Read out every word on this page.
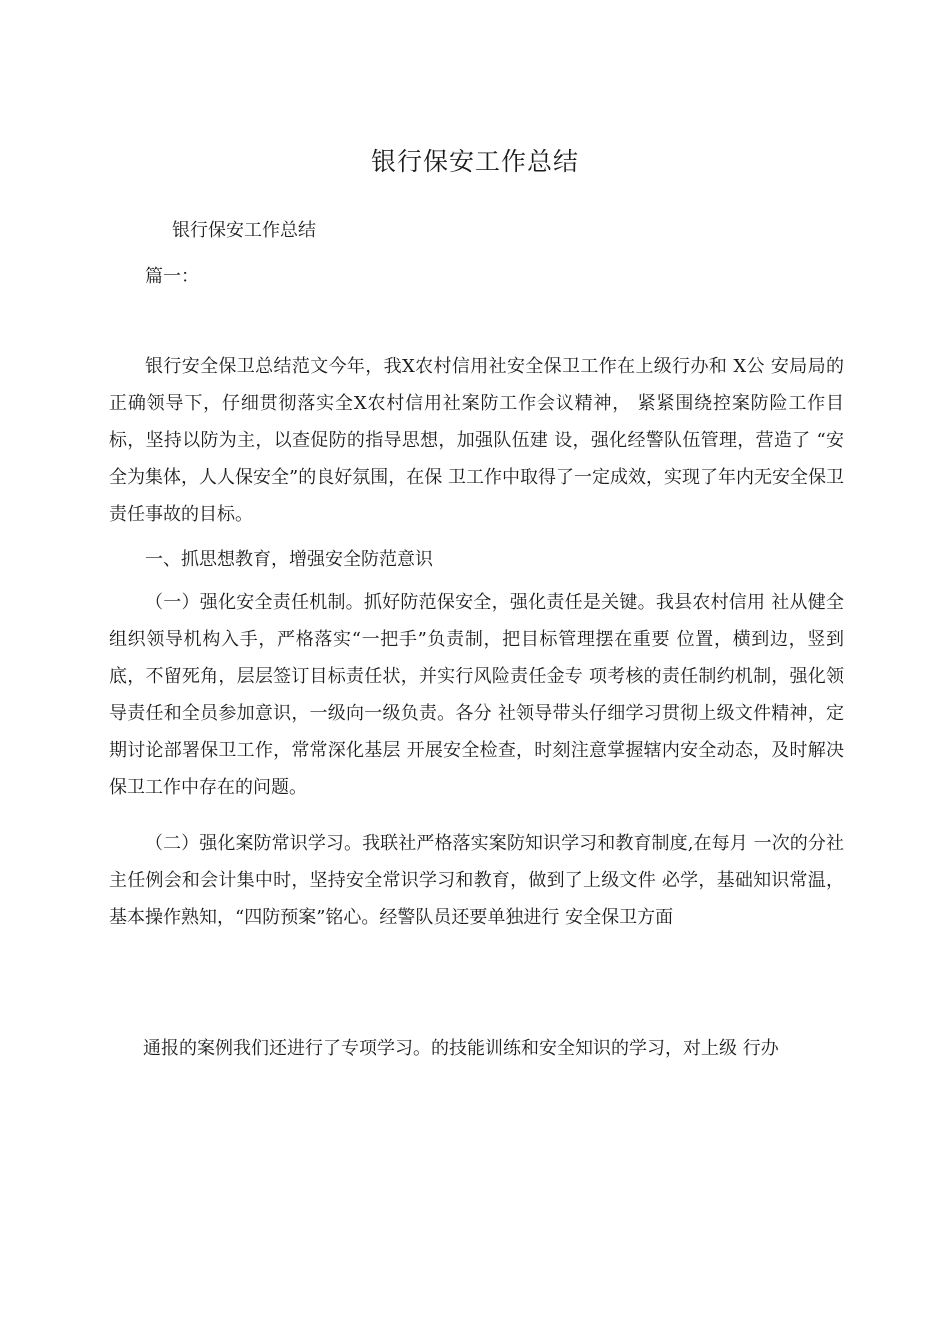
银行保安工作总结
银行保安工作总结
篇一：

银行安全保卫总结范文今年，我X农村信用社安全保卫工作在上级行办和 X公 安局局的正确领导下，仔细贯彻落实全X农村信用社案防工作会议精神， 紧紧围绕控案防险工作目标，坚持以防为主，以查促防的指导思想，加强队伍建 设，强化经警队伍管理，营造了 “安全为集体，人人保安全”的良好氛围，在保 卫工作中取得了一定成效，实现了年内无安全保卫责任事故的目标。

一、抓思想教育，增强安全防范意识

（一）强化安全责任机制。抓好防范保安全，强化责任是关键。我县农村信用 社从健全组织领导机构入手，严格落实“一把手”负责制，把目标管理摆在重要 位置，横到边，竖到底，不留死角，层层签订目标责任状，并实行风险责任金专 项考核的责任制约机制，强化领导责任和全员参加意识，一级向一级负责。各分 社领导带头仔细学习贯彻上级文件精神，定期讨论部署保卫工作，常常深化基层 开展安全检查，时刻注意掌握辖内安全动态，及时解决保卫工作中存在的问题。

（二）强化案防常识学习。我联社严格落实案防知识学习和教育制度,在每月 一次的分社主任例会和会计集中时，坚持安全常识学习和教育，做到了上级文件 必学，基础知识常温，基本操作熟知，“四防预案”铭心。经警队员还要单独进行 安全保卫方面

通报的案例我们还进行了专项学习。的技能训练和安全知识的学习，对上级 行办
